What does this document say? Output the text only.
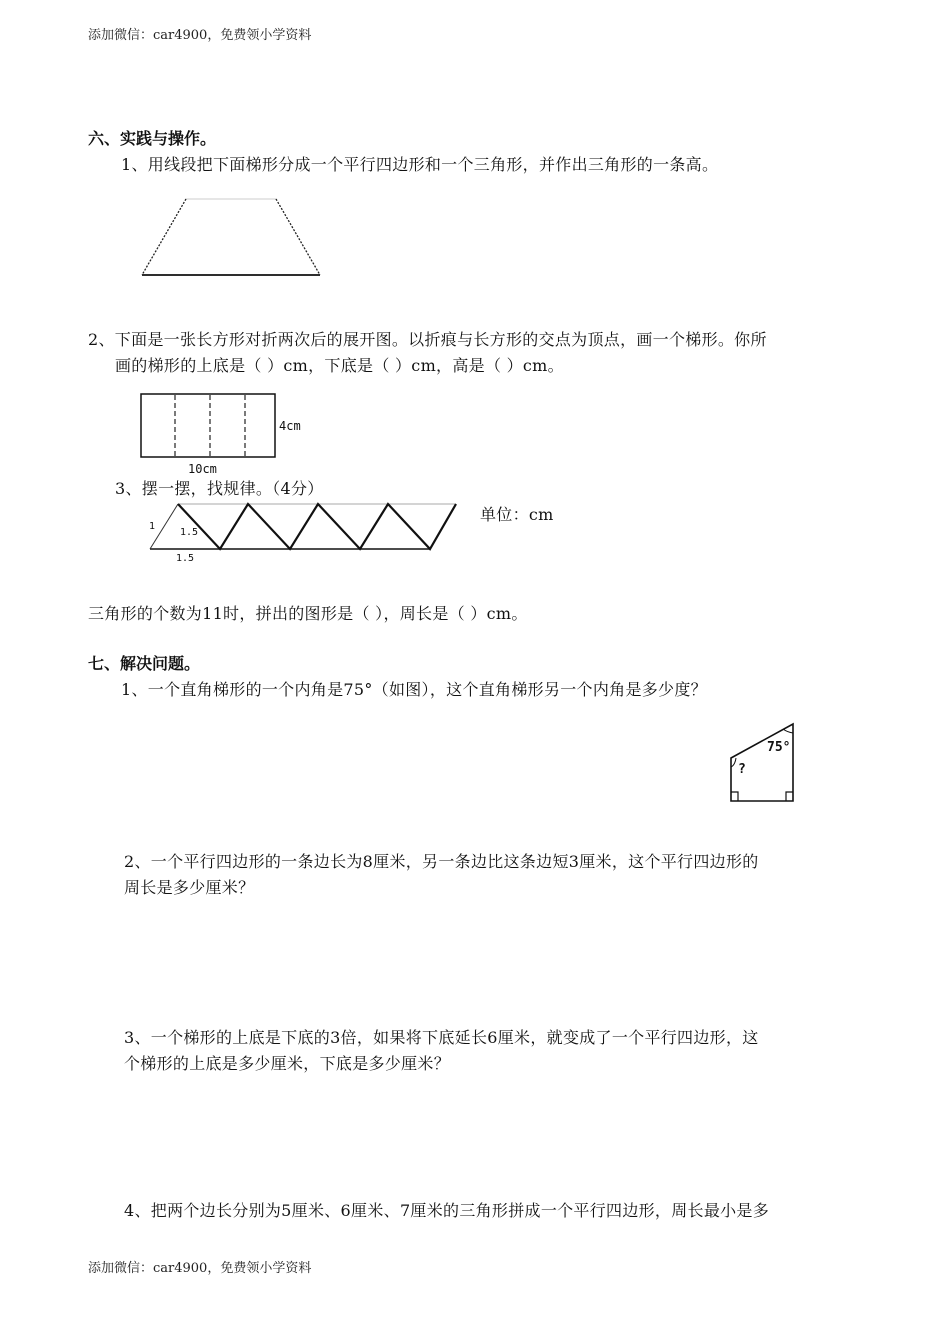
添加微信：car4900，免费领小学资料
六、实践与操作。
1、用线段把下面梯形分成一个平行四边形和一个三角形，并作出三角形的一条高。
2、下面是一张长方形对折两次后的展开图。以折痕与长方形的交点为顶点，画一个梯形。你所
画的梯形的上底是（ ）cm，下底是（ ）cm，高是（ ）cm。
4cm
10cm
3、摆一摆，找规律。（4分）
1
1.5
1.5
单位：cm
三角形的个数为11时，拼出的图形是（ ），周长是（ ）cm。
七、解决问题。
1、一个直角梯形的一个内角是75°（如图），这个直角梯形另一个内角是多少度？
75°
?
2、一个平行四边形的一条边长为8厘米，另一条边比这条边短3厘米，这个平行四边形的
周长是多少厘米？
3、一个梯形的上底是下底的3倍，如果将下底延长6厘米，就变成了一个平行四边形，这
个梯形的上底是多少厘米，下底是多少厘米？
4、把两个边长分别为5厘米、6厘米、7厘米的三角形拼成一个平行四边形，周长最小是多
添加微信：car4900，免费领小学资料
